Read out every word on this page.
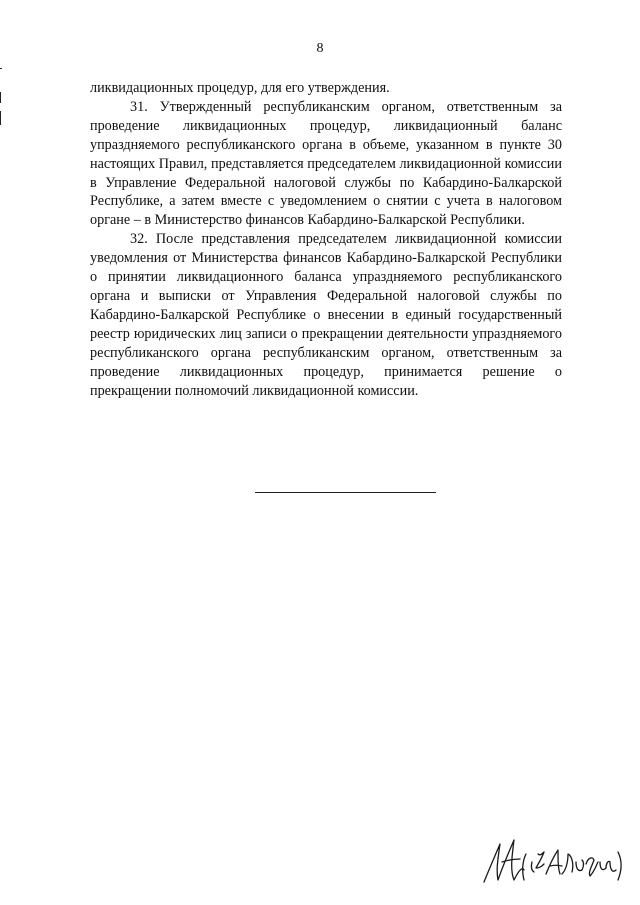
8

ликвидационных процедур, для его утверждения.

31. Утвержденный республиканским органом, ответственным за проведение ликвидационных процедур, ликвидационный баланс упраздняемого республиканского органа в объеме, указанном в пункте 30 настоящих Правил, представляется председателем ликвидационной комиссии в Управление Федеральной налоговой службы по Кабардино-Балкарской Республике, а затем вместе с уведомлением о снятии с учета в налоговом органе – в Министерство финансов Кабардино-Балкарской Республики.

32. После представления председателем ликвидационной комиссии уведомления от Министерства финансов Кабардино-Балкарской Республики о принятии ликвидационного баланса упраздняемого республиканского органа и выписки от Управления Федеральной налоговой службы по Кабардино-Балкарской Республике о внесении в единый государственный реестр юридических лиц записи о прекращении деятельности упраздняемого республиканского органа республиканским органом, ответственным за проведение ликвидационных процедур, принимается решение о прекращении полномочий ликвидационной комиссии.
